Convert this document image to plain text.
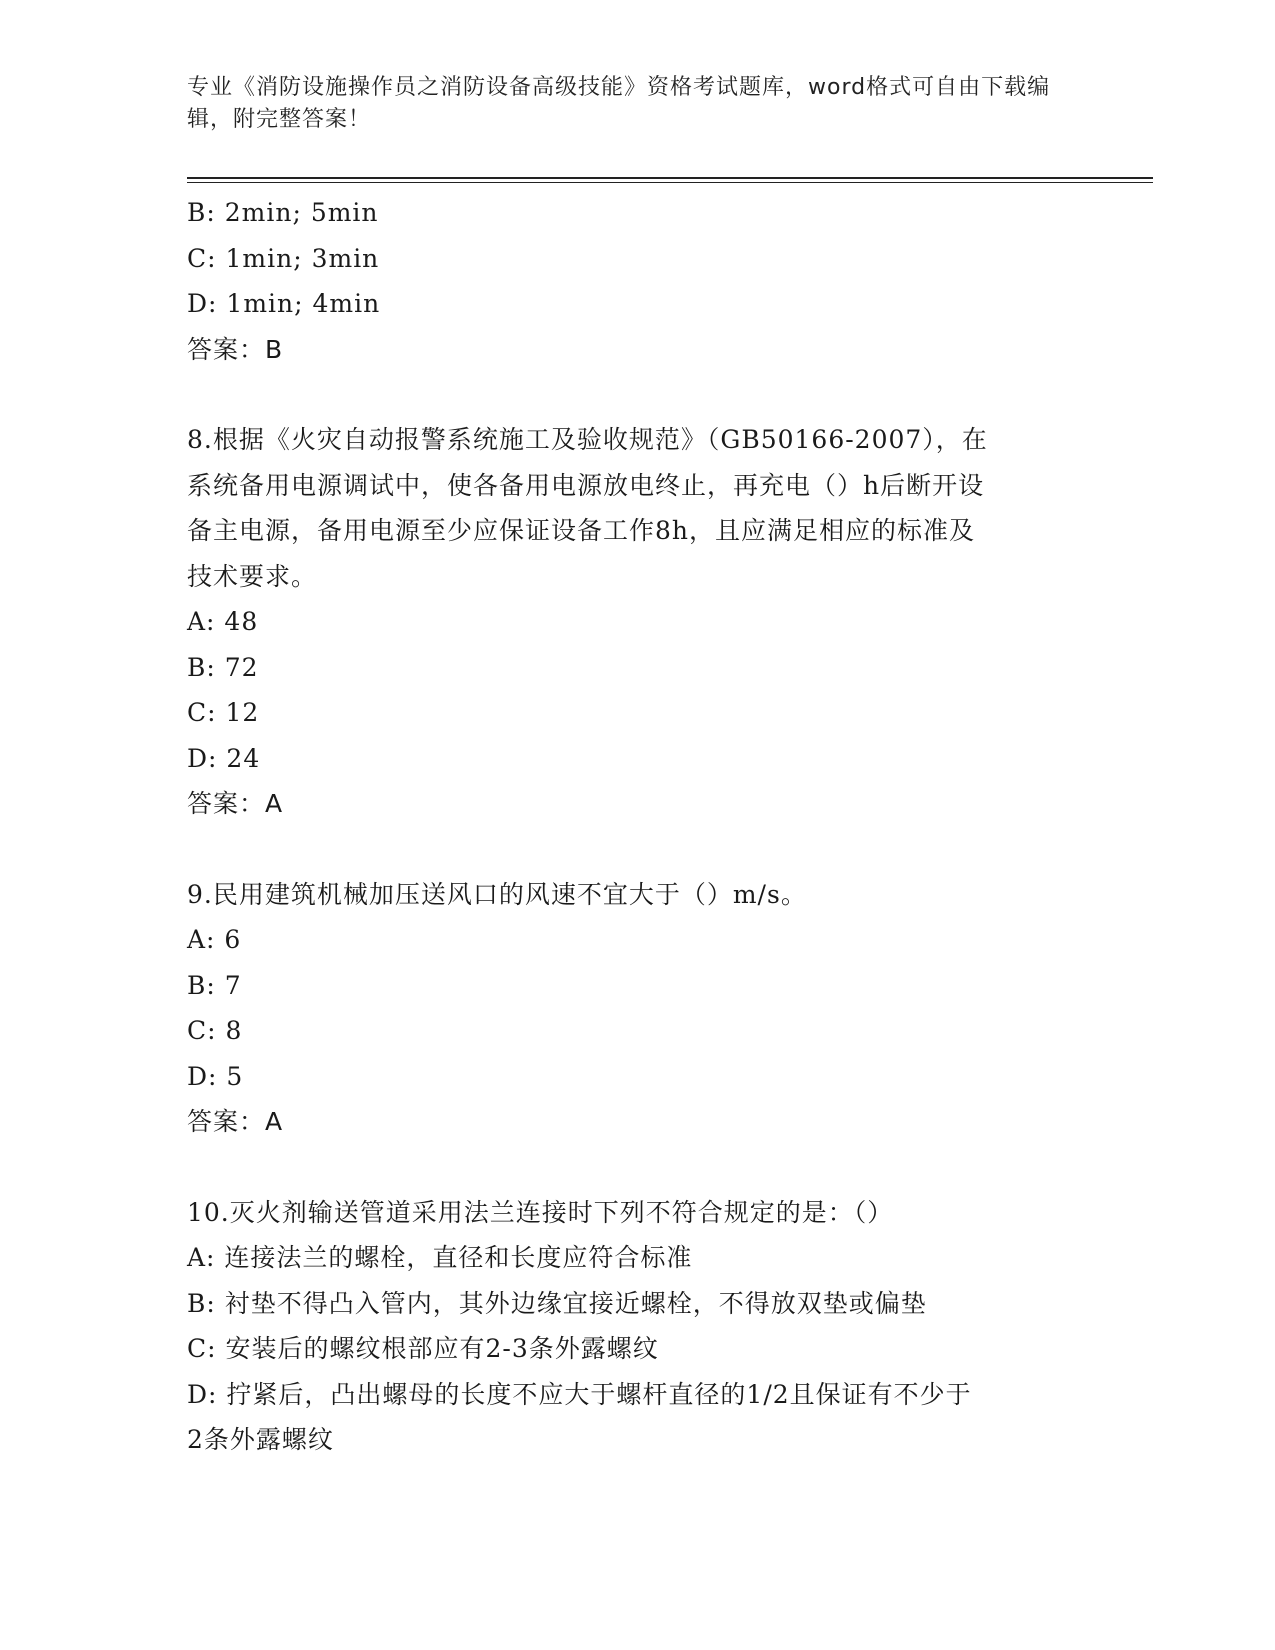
专业《消防设施操作员之消防设备高级技能》资格考试题库，word格式可自由下载编辑，附完整答案！
B: 2min; 5min
C: 1min; 3min
D: 1min; 4min
答案：B
8.根据《火灾自动报警系统施工及验收规范》（GB50166-2007），在
系统备用电源调试中，使各备用电源放电终止，再充电（）h后断开设
备主电源，备用电源至少应保证设备工作8h，且应满足相应的标准及
技术要求。
A: 48
B: 72
C: 12
D: 24
答案：A
9.民用建筑机械加压送风口的风速不宜大于（）m/s。
A: 6
B: 7
C: 8
D: 5
答案：A
10.灭火剂输送管道采用法兰连接时下列不符合规定的是：（）
A: 连接法兰的螺栓，直径和长度应符合标准
B: 衬垫不得凸入管内，其外边缘宜接近螺栓，不得放双垫或偏垫
C: 安装后的螺纹根部应有2-3条外露螺纹
D: 拧紧后，凸出螺母的长度不应大于螺杆直径的1/2且保证有不少于
2条外露螺纹
